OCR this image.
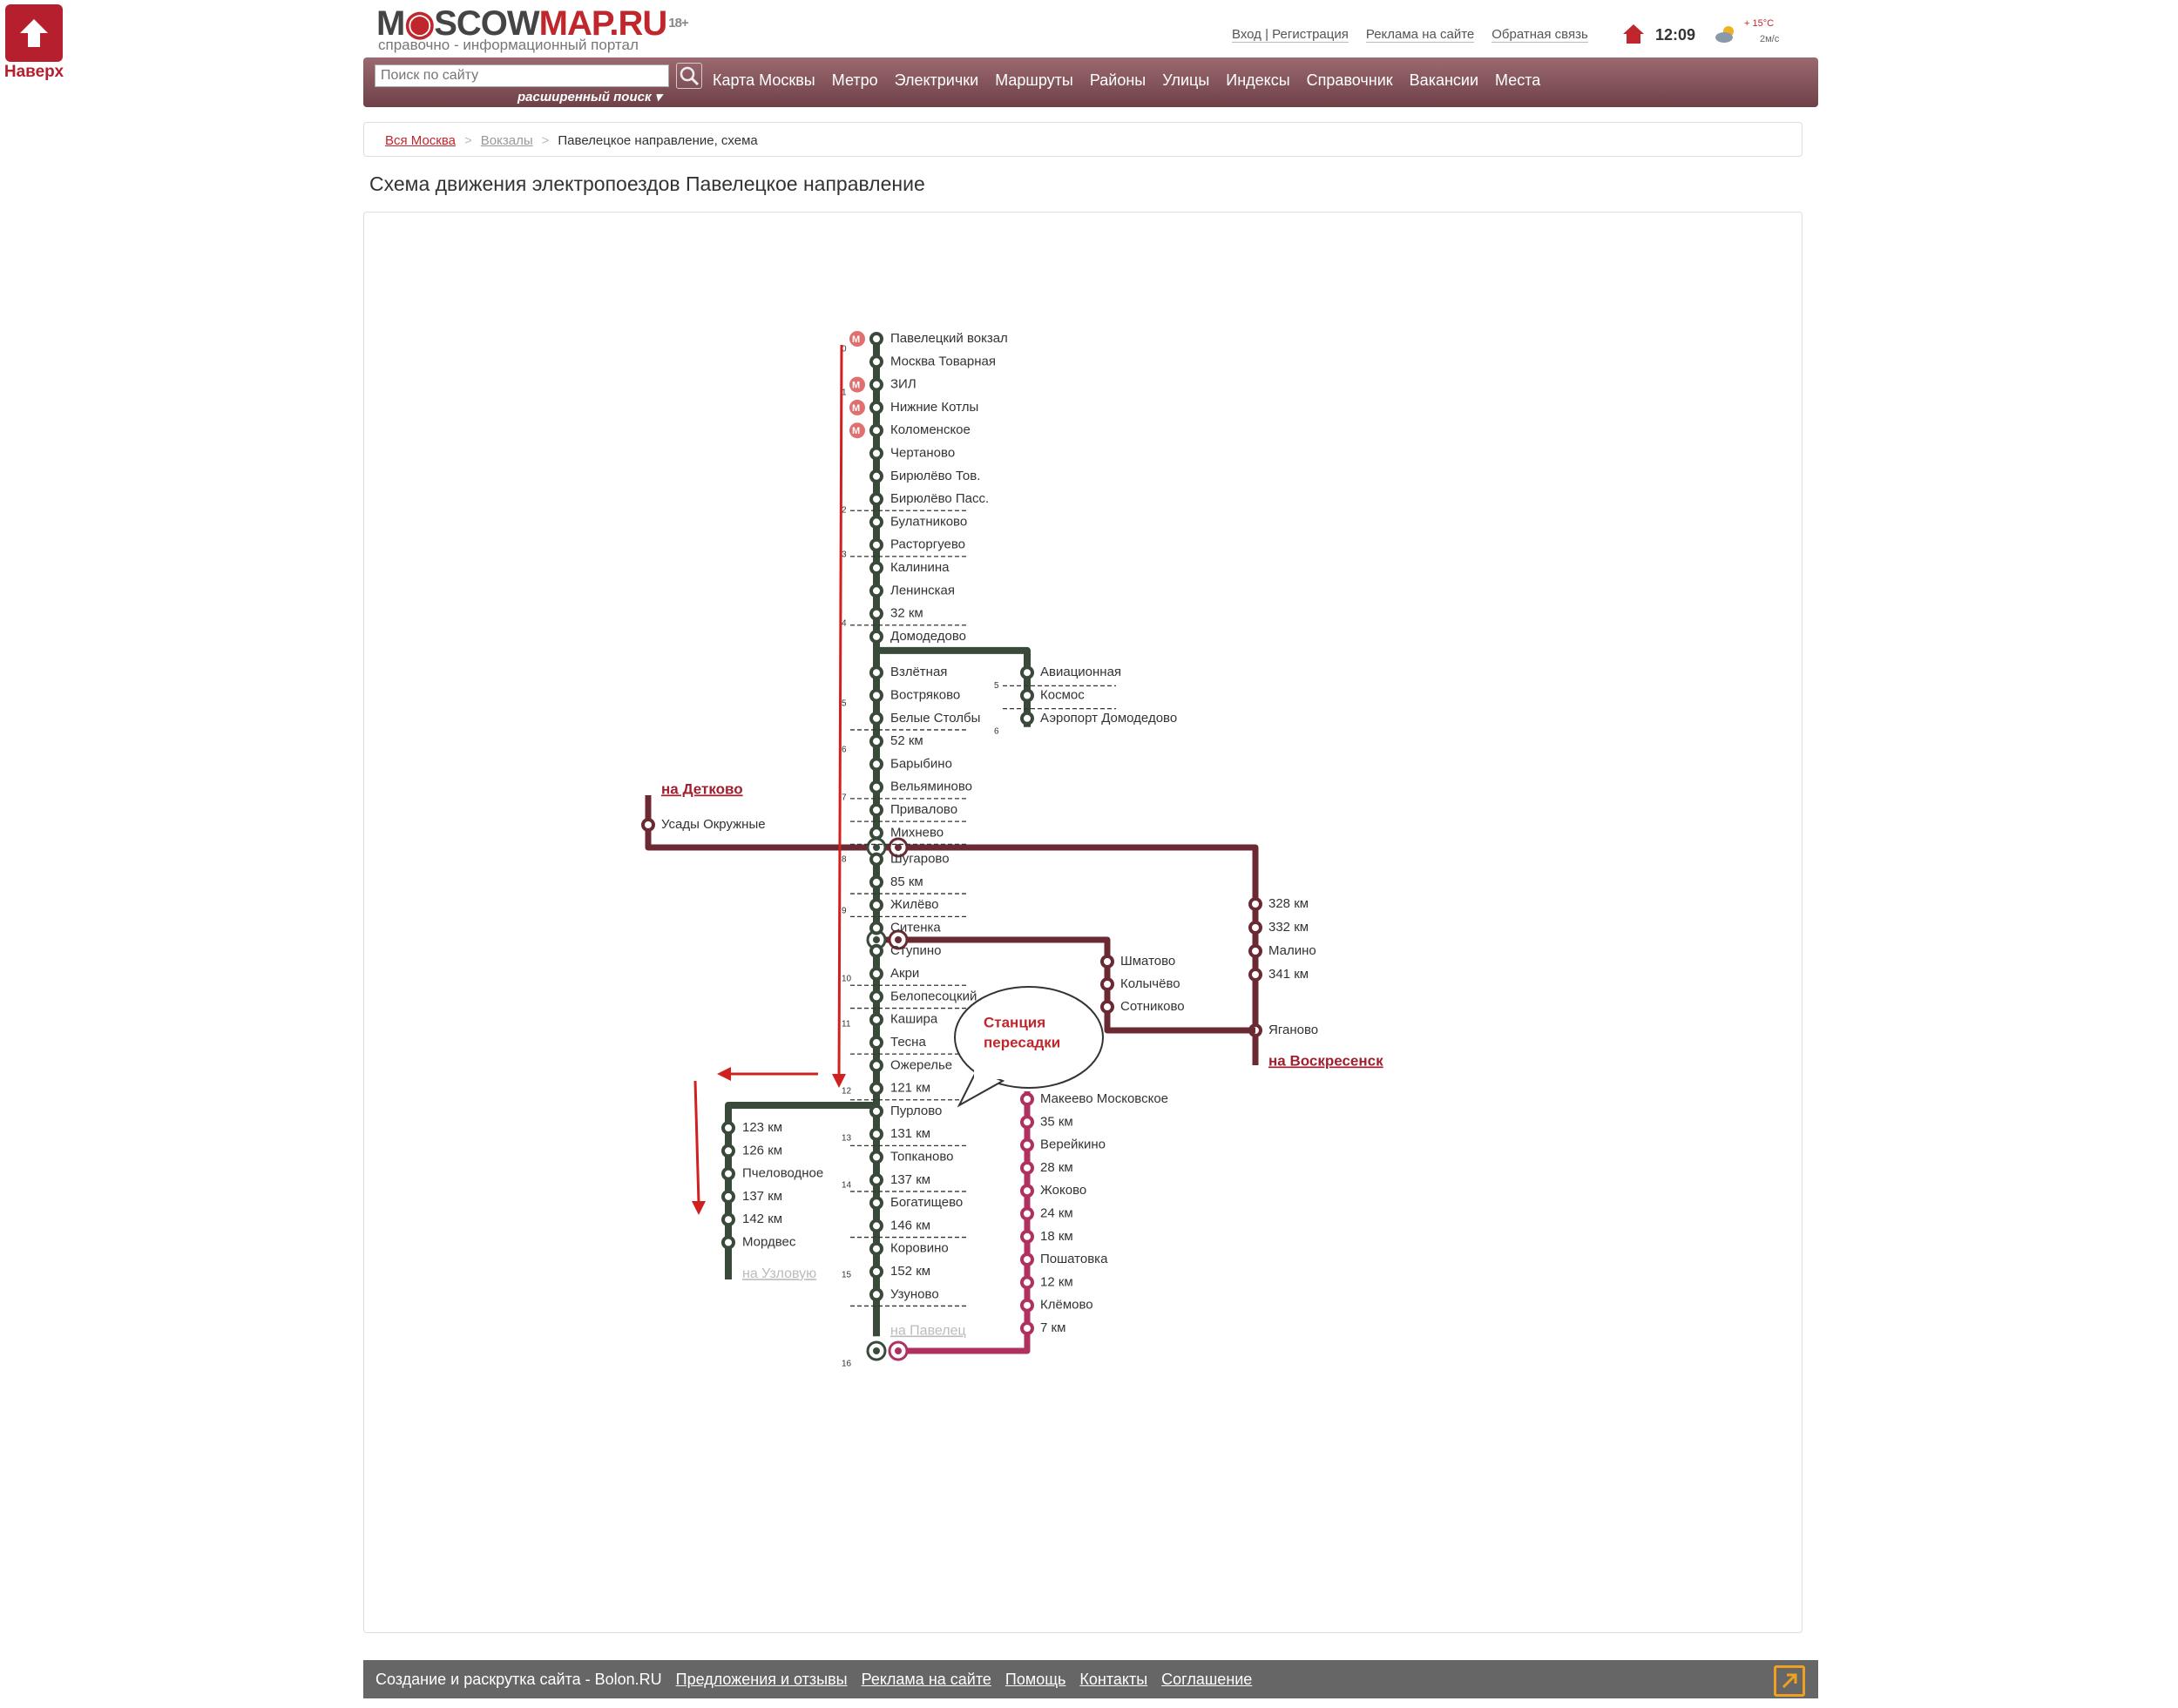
Наверх
M◉SCOWMAP.RU $^{18+}$
справочно - информационный портал
Вход | Регистрация Реклама на сайте Обратная связь	12:09
+ 15°C
2м/с
Поиск по сайту
расширенный поиск ▾
Карта Москвы Метро Электрички Маршруты Районы Улицы Индексы Справочник Вакансии Места
Вся Москва > Вокзалы > Павелецкое направление, схема
Схема движения электропоездов Павелецкое направление
Авиационная
Космос
Аэропорт Домодедово
5
6
Усады Окружные
на Детково
328 км
332 км
Малино
341 км
Яганово
на Воскресенск
Шматово
Колычёво
Сотниково
123 км
126 км
Пчеловодное
137 км
142 км
Мордвес
на Узловую
Макеево Московское
35 км
Верейкино
28 км
Жоково
24 км
18 км
Пошатовка
12 км
Клёмово
7 км
Павелецкий вокзал
Москва Товарная
ЗИЛ
Нижние Котлы
Коломенское
Чертаново
Бирюлёво Тов.
Бирюлёво Пасс.
Булатниково
Расторгуево
Калинина
Ленинская
32 км
Домодедово
Взлётная
Востряково
Белые Столбы
52 км
Барыбино
Вельяминово
Привалово
Михнево
Шугарово
85 км
Жилёво
Ситенка
Ступино
Акри
Белопесоцкий
Кашира
Тесна
Ожерелье
121 км
Пурлово
131 км
Топканово
137 км
Богатищево
146 км
Коровино
152 км
Узуново
на Павелец
М
М
М
М
0
1
2
3
4
5
6
7
8
9
10
11
12
13
14
15
16
Станция
пересадки
Создание и раскрутка сайта - Bolon.RU Предложения и отзывы Реклама на сайте Помощь Контакты Соглашение
